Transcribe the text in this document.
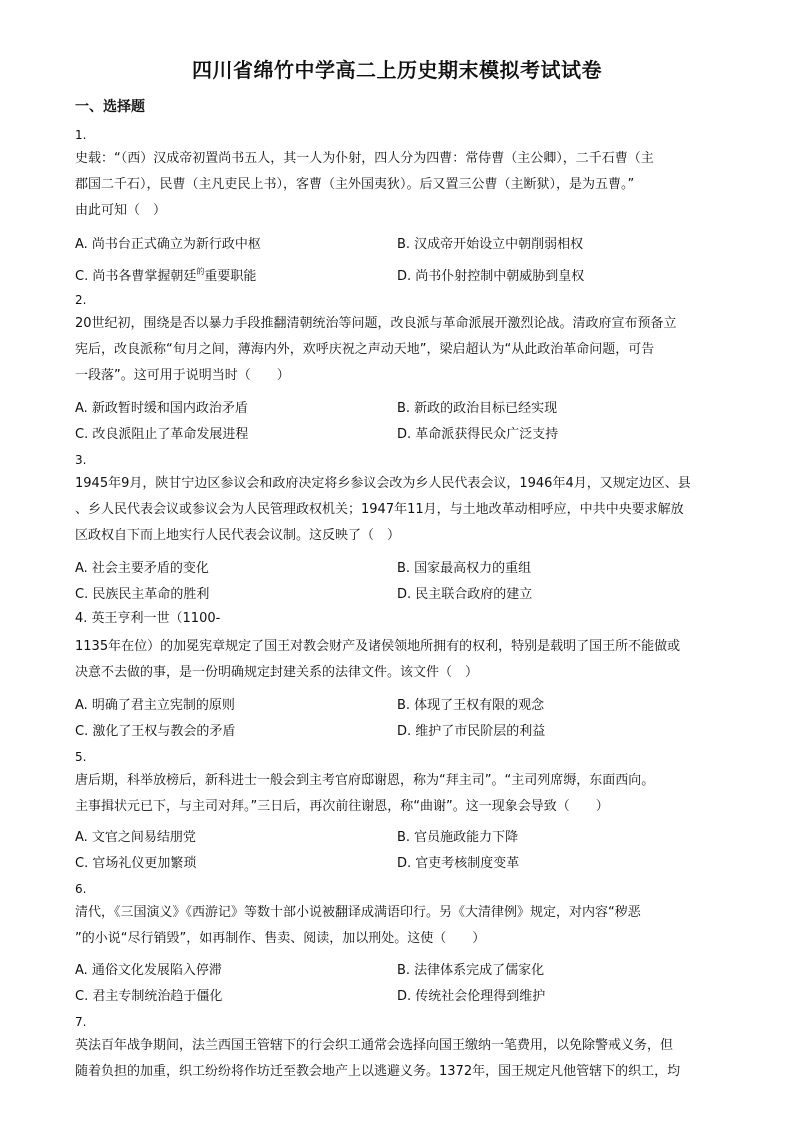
四川省绵竹中学高二上历史期末模拟考试试卷
一、选择题
1.
史载：“（西）汉成帝初置尚书五人，其一人为仆射，四人分为四曹：常侍曹（主公卿），二千石曹（主
郡国二千石），民曹（主凡吏民上书），客曹（主外国夷狄）。后又置三公曹（主断狱），是为五曹。”
由此可知（　）
A. 尚书台正式确立为新行政中枢	B. 汉成帝开始设立中朝削弱相权
C. 尚书各曹掌握朝廷$^的$重要职能	D. 尚书仆射控制中朝威胁到皇权
2.
20世纪初，围绕是否以暴力手段推翻清朝统治等问题，改良派与革命派展开激烈论战。清政府宣布预备立
宪后，改良派称“旬月之间，薄海内外，欢呼庆祝之声动天地”，梁启超认为“从此政治革命问题，可告
一段落”。这可用于说明当时（　　）
A. 新政暂时缓和国内政治矛盾	B. 新政的政治目标已经实现
C. 改良派阻止了革命发展进程	D. 革命派获得民众广泛支持
3.
1945年9月，陕甘宁边区参议会和政府决定将乡参议会改为乡人民代表会议，1946年4月，又规定边区、县
、乡人民代表会议或参议会为人民管理政权机关；1947年11月，与土地改革动相呼应，中共中央要求解放
区政权自下而上地实行人民代表会议制。这反映了（　）
A. 社会主要矛盾的变化	B. 国家最高权力的重组
C. 民族民主革命的胜利	D. 民主联合政府的建立
4. 英王亨利一世（1100-
1135年在位）的加冕宪章规定了国王对教会财产及诸侯领地所拥有的权利，特别是载明了国王所不能做或
决意不去做的事，是一份明确规定封建关系的法律文件。该文件（　）
A. 明确了君主立宪制的原则	B. 体现了王权有限的观念
C. 激化了王权与教会的矛盾	D. 维护了市民阶层的利益
5.
唐后期，科举放榜后，新科进士一般会到主考官府邸谢恩，称为“拜主司”。“主司列席缛，东面西向。
主事揖状元已下，与主司对拜。”三日后，再次前往谢恩，称“曲谢”。这一现象会导致（　　）
A. 文官之间易结朋党	B. 官员施政能力下降
C. 官场礼仪更加繁琐	D. 官吏考核制度变革
6.
清代，《三国演义》《西游记》等数十部小说被翻译成满语印行。另《大清律例》规定，对内容“秽恶
”的小说“尽行销毁”，如再制作、售卖、阅读，加以刑处。这使（　　）
A. 通俗文化发展陷入停滞	B. 法律体系完成了儒家化
C. 君主专制统治趋于僵化	D. 传统社会伦理得到维护
7.
英法百年战争期间，法兰西国王管辖下的行会织工通常会选择向国王缴纳一笔费用，以免除警戒义务，但
随着负担的加重，织工纷纷将作坊迁至教会地产上以逃避义务。1372年，国王规定凡他管辖下的织工，均
